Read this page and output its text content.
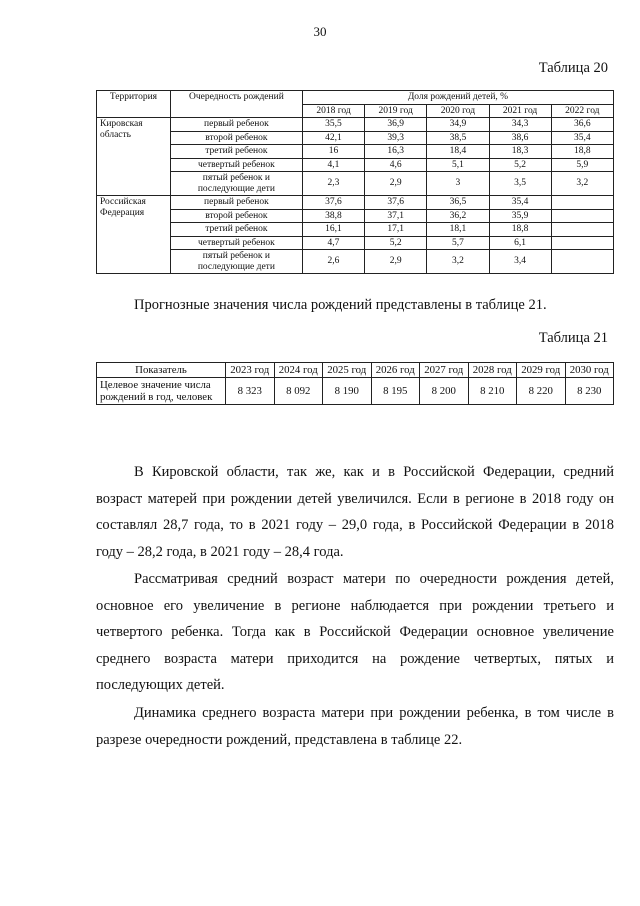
30
Таблица 20
Территория	Очередность рождений	Доля рождений детей, %				
		2018 год	2019 год	2020 год	2021 год	2022 год
Кировская область	первый ребенок	35,5	36,9	34,9	34,3	36,6
	второй ребенок	42,1	39,3	38,5	38,6	35,4
	третий ребенок	16	16,3	18,4	18,3	18,8
	четвертый ребенок	4,1	4,6	5,1	5,2	5,9
	пятый ребенок и последующие дети	2,3	2,9	3	3,5	3,2
Российская Федерация	первый ребенок	37,6	37,6	36,5	35,4	
	второй ребенок	38,8	37,1	36,2	35,9	
	третий ребенок	16,1	17,1	18,1	18,8	
	четвертый ребенок	4,7	5,2	5,7	6,1	
	пятый ребенок и последующие дети	2,6	2,9	3,2	3,4	

Прогнозные значения числа рождений представлены в таблице 21.

Таблица 21
Показатель	2023 год	2024 год	2025 год	2026 год	2027 год	2028 год	2029 год	2030 год
Целевое значение числа рождений в год, человек	8 323	8 092	8 190	8 195	8 200	8 210	8 220	8 230

В Кировской области, так же, как и в Российской Федерации, средний возраст матерей при рождении детей увеличился. Если в регионе в 2018 году он составлял 28,7 года, то в 2021 году – 29,0 года, в Российской Федерации в 2018 году – 28,2 года, в 2021 году – 28,4 года.

Рассматривая средний возраст матери по очередности рождения детей, основное его увеличение в регионе наблюдается при рождении третьего и четвертого ребенка. Тогда как в Российской Федерации основное увеличение среднего возраста матери приходится на рождение четвертых, пятых и последующих детей.

Динамика среднего возраста матери при рождении ребенка, в том числе в разрезе очередности рождений, представлена в таблице 22.
